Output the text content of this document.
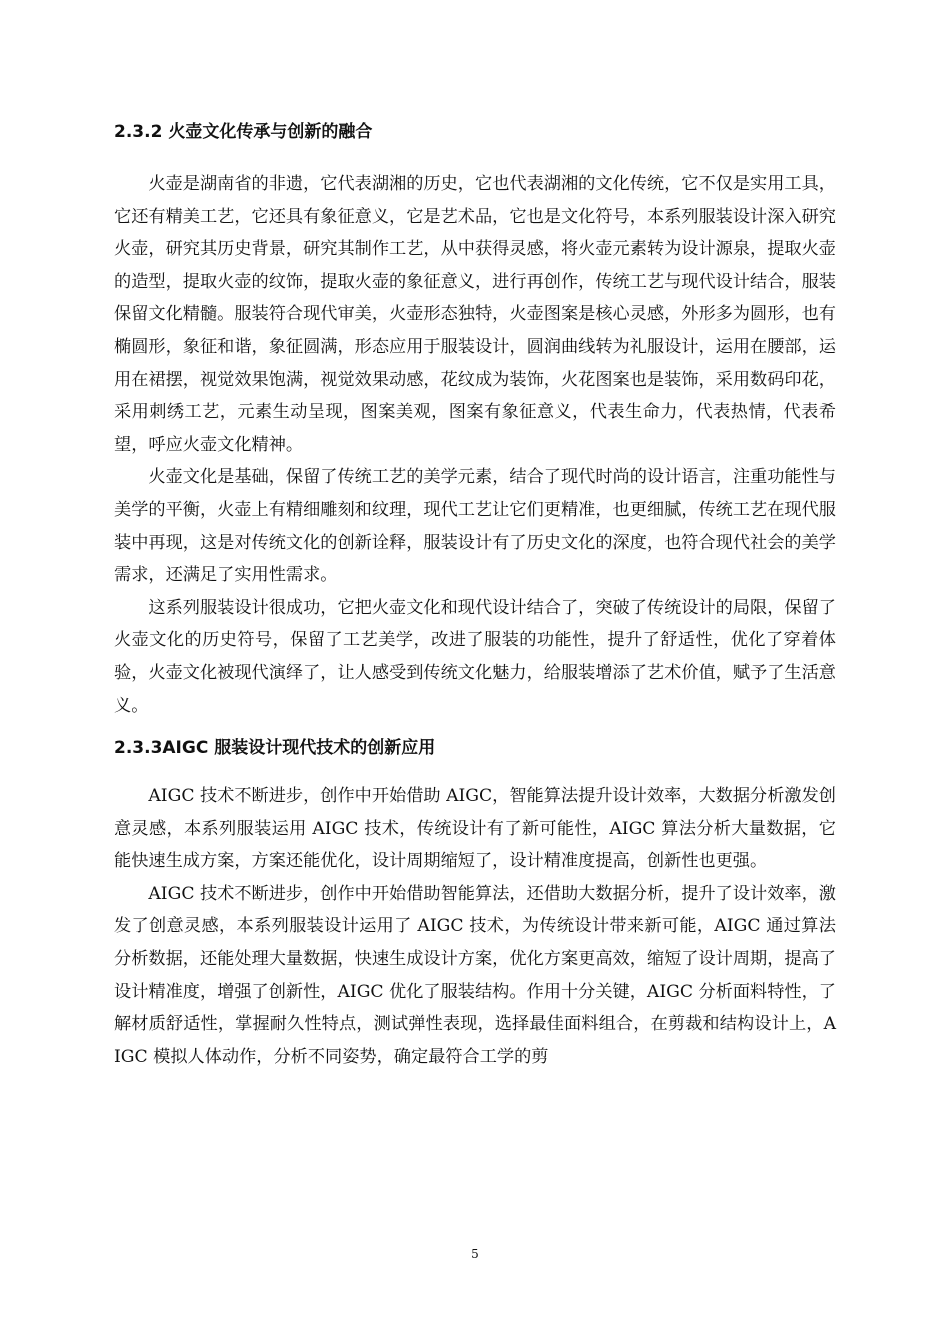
2.3.2 火壶文化传承与创新的融合

火壶是湖南省的非遗，它代表湖湘的历史，它也代表湖湘的文化传统，它不仅是实用工具，它还有精美工艺，它还具有象征意义，它是艺术品，它也是文化符号，本系列服装设计深入研究火壶，研究其历史背景，研究其制作工艺，从中获得灵感，将火壶元素转为设计源泉，提取火壶的造型，提取火壶的纹饰，提取火壶的象征意义，进行再创作，传统工艺与现代设计结合，服装保留文化精髓。服装符合现代审美，火壶形态独特，火壶图案是核心灵感，外形多为圆形，也有椭圆形，象征和谐，象征圆满，形态应用于服装设计，圆润曲线转为礼服设计，运用在腰部，运用在裙摆，视觉效果饱满，视觉效果动感，花纹成为装饰，火花图案也是装饰，采用数码印花，采用刺绣工艺，元素生动呈现，图案美观，图案有象征意义，代表生命力，代表热情，代表希望，呼应火壶文化精神。

火壶文化是基础，保留了传统工艺的美学元素，结合了现代时尚的设计语言，注重功能性与美学的平衡，火壶上有精细雕刻和纹理，现代工艺让它们更精准，也更细腻，传统工艺在现代服装中再现，这是对传统文化的创新诠释，服装设计有了历史文化的深度，也符合现代社会的美学需求，还满足了实用性需求。

这系列服装设计很成功，它把火壶文化和现代设计结合了，突破了传统设计的局限，保留了火壶文化的历史符号，保留了工艺美学，改进了服装的功能性，提升了舒适性，优化了穿着体验，火壶文化被现代演绎了，让人感受到传统文化魅力，给服装增添了艺术价值，赋予了生活意义。

2.3.3AIGC 服装设计现代技术的创新应用

AIGC 技术不断进步，创作中开始借助 AIGC，智能算法提升设计效率，大数据分析激发创意灵感，本系列服装运用 AIGC 技术，传统设计有了新可能性，AIGC 算法分析大量数据，它能快速生成方案，方案还能优化，设计周期缩短了，设计精准度提高，创新性也更强。

AIGC 技术不断进步，创作中开始借助智能算法，还借助大数据分析，提升了设计效率，激发了创意灵感，本系列服装设计运用了 AIGC 技术，为传统设计带来新可能，AIGC 通过算法分析数据，还能处理大量数据，快速生成设计方案，优化方案更高效，缩短了设计周期，提高了设计精准度，增强了创新性，AIGC 优化了服装结构。作用十分关键，AIGC 分析面料特性，了解材质舒适性，掌握耐久性特点，测试弹性表现，选择最佳面料组合，在剪裁和结构设计上，AIGC 模拟人体动作，分析不同姿势，确定最符合工学的剪

5
